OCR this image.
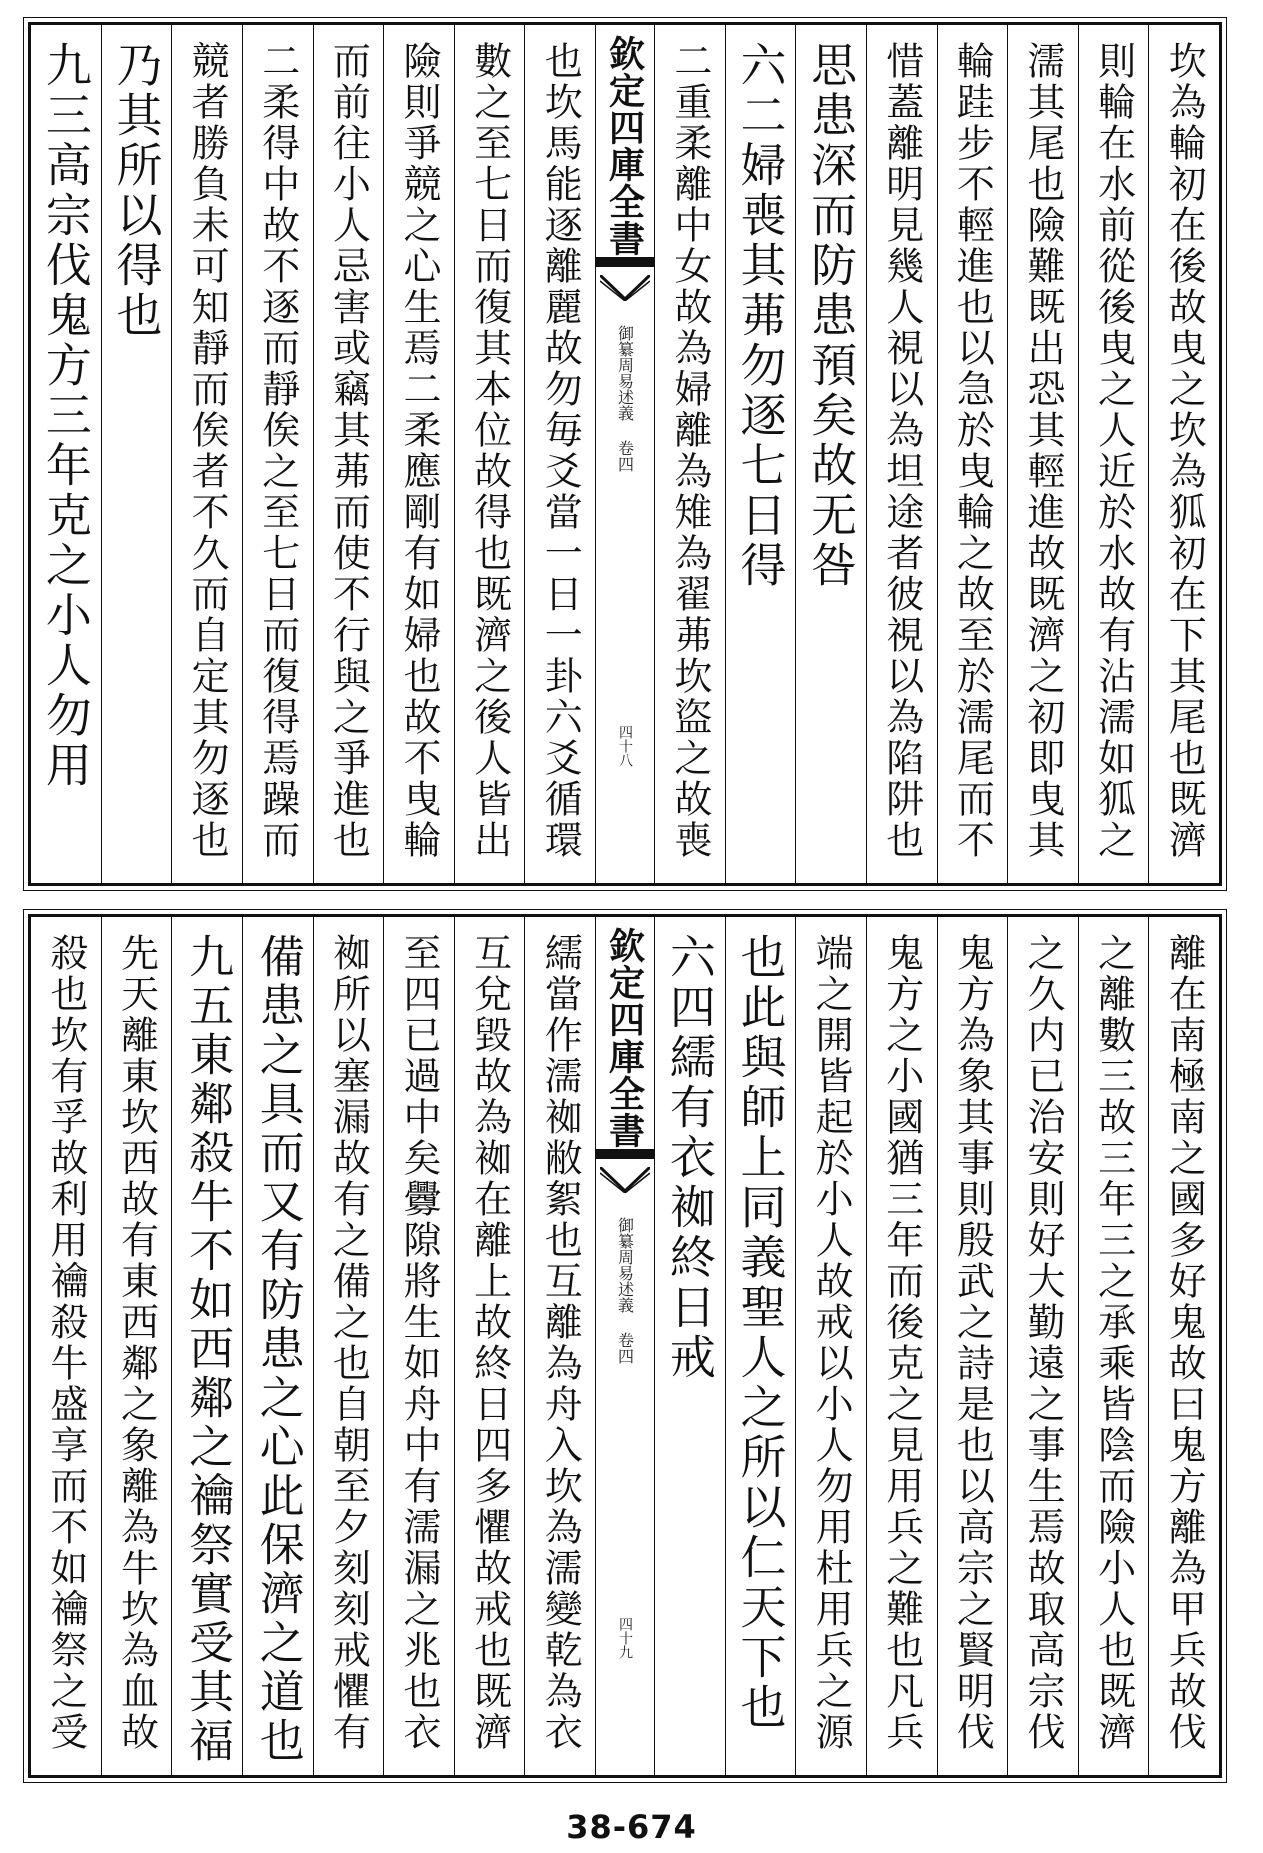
坎為輪初在後故曳之坎為狐初在下其尾也既濟
則輪在水前從後曳之人近於水故有沾濡如狐之
濡其尾也險難既出恐其輕進故既濟之初即曳其
輪跬步不輕進也以急於曳輪之故至於濡尾而不
惜蓋離明見幾人視以為坦途者彼視以為陷阱也
思患深而防患預矣故无咎
六二婦喪其茀勿逐七日得
二重柔離中女故為婦離為雉為翟茀坎盜之故喪
欽定四庫全書
御纂周易述義 卷四
四十八
也坎馬能逐離麗故勿毎爻當一日一卦六爻循環
數之至七日而復其本位故得也既濟之後人皆出
險則爭競之心生焉二柔應剛有如婦也故不曳輪
而前往小人忌害或竊其茀而使不行與之爭進也
二柔得中故不逐而靜俟之至七日而復得焉躁而
競者勝負未可知靜而俟者不久而自定其勿逐也
乃其所以得也
九三高宗伐鬼方三年克之小人勿用
離在南極南之國多好鬼故曰鬼方離為甲兵故伐
之離數三故三年三之承乘皆陰而險小人也既濟
之久内已治安則好大勤遠之事生焉故取高宗伐
鬼方為象其事則殷武之詩是也以高宗之賢明伐
鬼方之小國猶三年而後克之見用兵之難也凡兵
端之開皆起於小人故戒以小人勿用杜用兵之源
也此與師上同義聖人之所以仁天下也
六四繻有衣袽終日戒
欽定四庫全書
御纂周易述義 卷四
四十九
繻當作濡袽敝絮也互離為舟入坎為濡變乾為衣
互兌毀故為袽在離上故終日四多懼故戒也既濟
至四已過中矣釁隙將生如舟中有濡漏之兆也衣
袽所以塞漏故有之備之也自朝至夕刻刻戒懼有
備患之具而又有防患之心此保濟之道也
九五東鄰殺牛不如西鄰之禴祭實受其福
先天離東坎西故有東西鄰之象離為牛坎為血故
殺也坎有孚故利用禴殺牛盛享而不如禴祭之受
38-674
